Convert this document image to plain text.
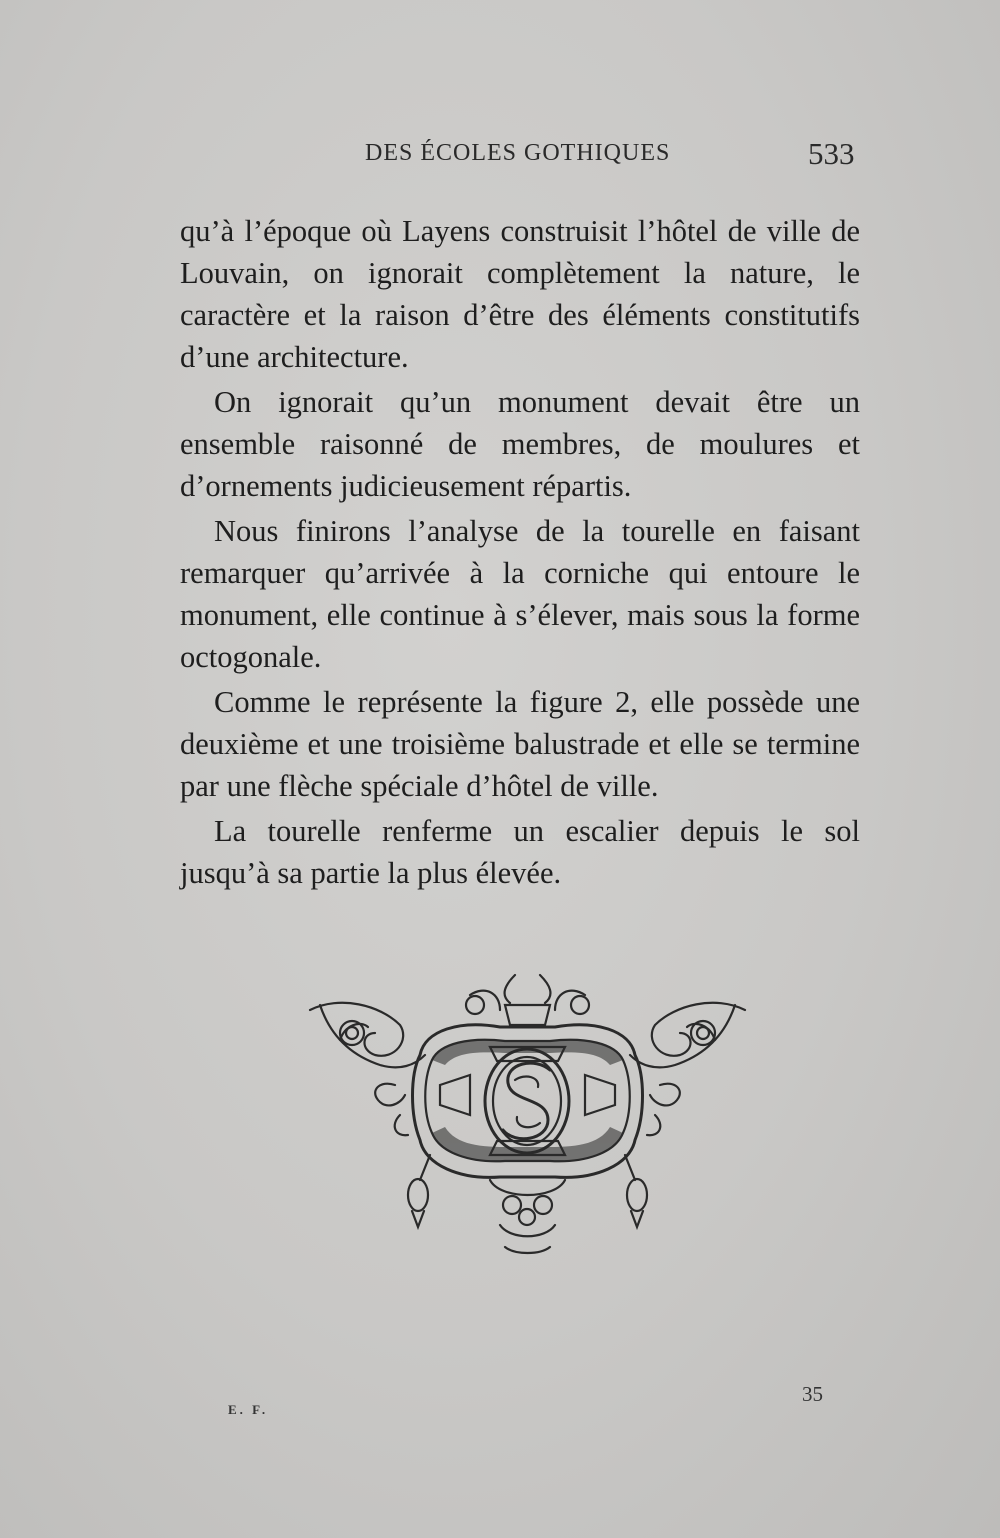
DES ÉCOLES GOTHIQUES	533

qu’à l’époque où Layens construisit l’hôtel de ville de Louvain, on ignorait complètement la nature, le caractère et la raison d’être des éléments constitutifs d’une architecture.

On ignorait qu’un monument devait être un ensemble raisonné de membres, de moulures et d’ornements judicieusement répartis.

Nous finirons l’analyse de la tourelle en faisant remarquer qu’arrivée à la corniche qui entoure le monument, elle continue à s’élever, mais sous la forme octogonale.

Comme le représente la figure 2, elle possède une deuxième et une troisième balustrade et elle se termine par une flèche spéciale d’hôtel de ville.

La tourelle renferme un escalier depuis le sol jusqu’à sa partie la plus élevée.

E. F.
35
